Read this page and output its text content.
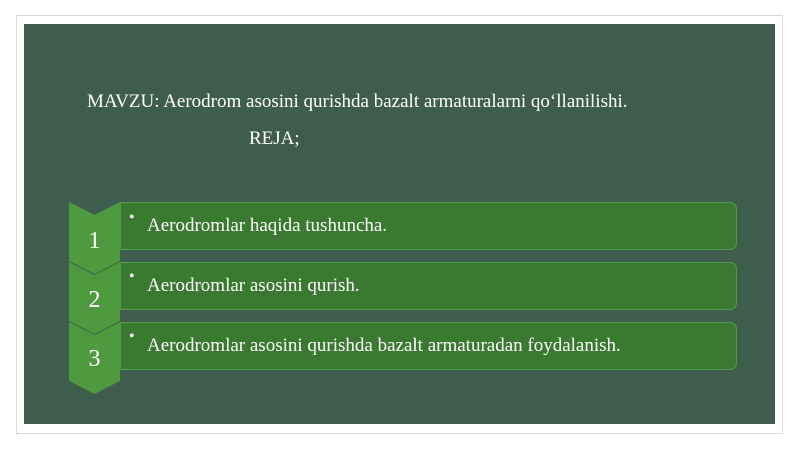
MAVZU: Aerodrom asosini qurishda bazalt armaturalarni qo‘llanilishi.
REJA;
1
• Aerodromlar haqida tushuncha.
2
• Aerodromlar asosini qurish.
3
• Aerodromlar asosini qurishda bazalt armaturadan foydalanish.
